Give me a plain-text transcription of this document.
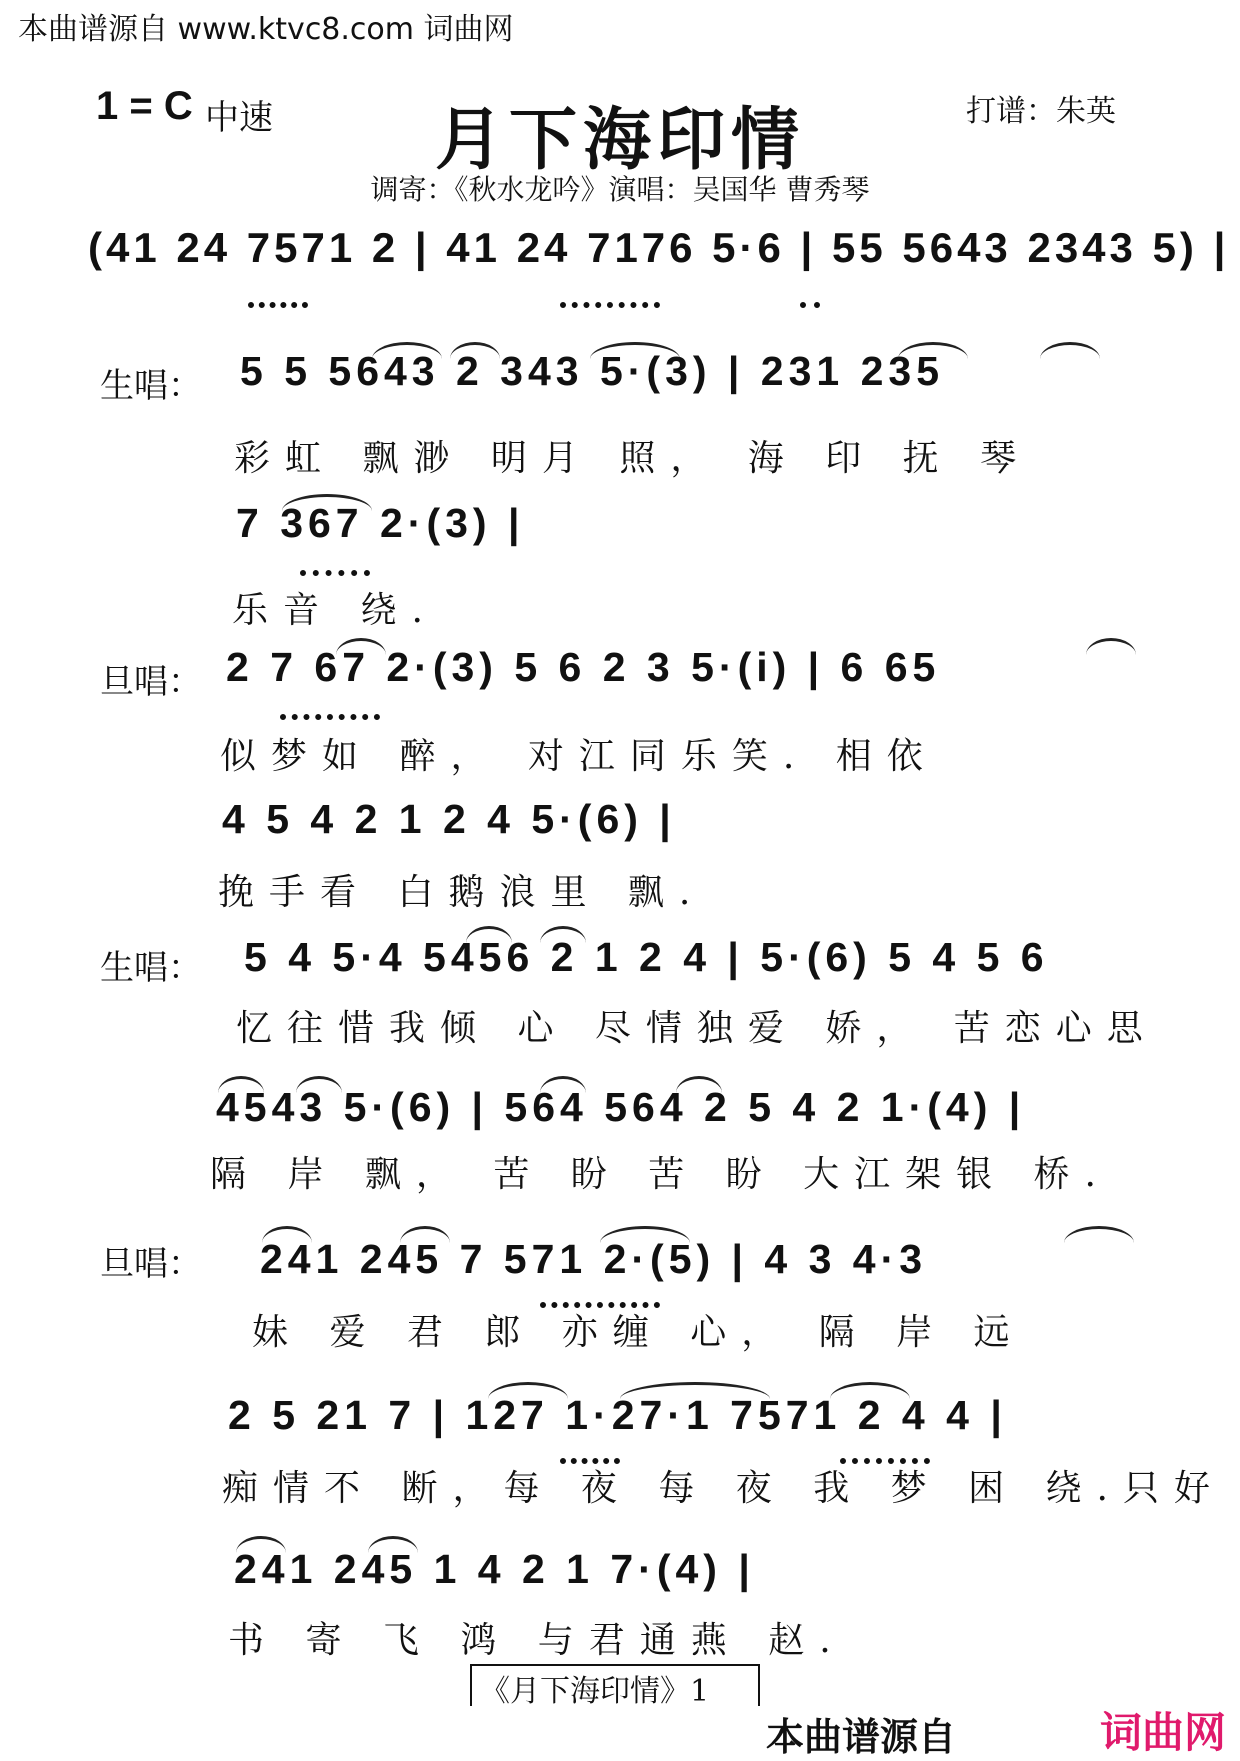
本曲谱源自 www.ktvc8.com 词曲网
1 = C 中速	月下海印情	打谱：朱英
调寄：《秋水龙吟》演唱：吴国华 曹秀琴
(41 24 7571 2 | 41 24 7176 5·6 | 55 5643 2343 5) |
生唱： 5 5 5643 2 343 5·(3) | 231 235
彩虹 飘渺 明月 照， 海 印 抚 琴
7 367 2·(3) |
乐音 绕.
旦唱： 2 7 67 2·(3) 5 6 2 3 5·(i) | 6 65
似梦如 醉， 对江同乐笑. 相依
4 5 4 2 1 2 4 5·(6) |
挽手看 白鹅浪里 飘.
生唱： 5 4 5·4 5456 2 1 2 4 | 5·(6) 5 4 5 6
忆往惜我倾 心 尽情独爱 娇， 苦恋心思
4543 5·(6) | 564 564 2 5 4 2 1·(4) |
隔 岸 飘， 苦 盼 苦 盼 大江架银 桥.
旦唱： 241 245 7 571 2·(5) | 4 3 4·3
妹 爱 君 郎 亦缠 心， 隔 岸 远
2 5 21 7 | 127 1·27·1 7571 2 4 4 |
痴情不 断，每 夜 每 夜 我 梦 困 绕.只好
241 245 1 4 2 1 7·(4) |
书 寄 飞 鸿 与君通燕 赵.
《月下海印情》1
本曲谱源自	词曲网
